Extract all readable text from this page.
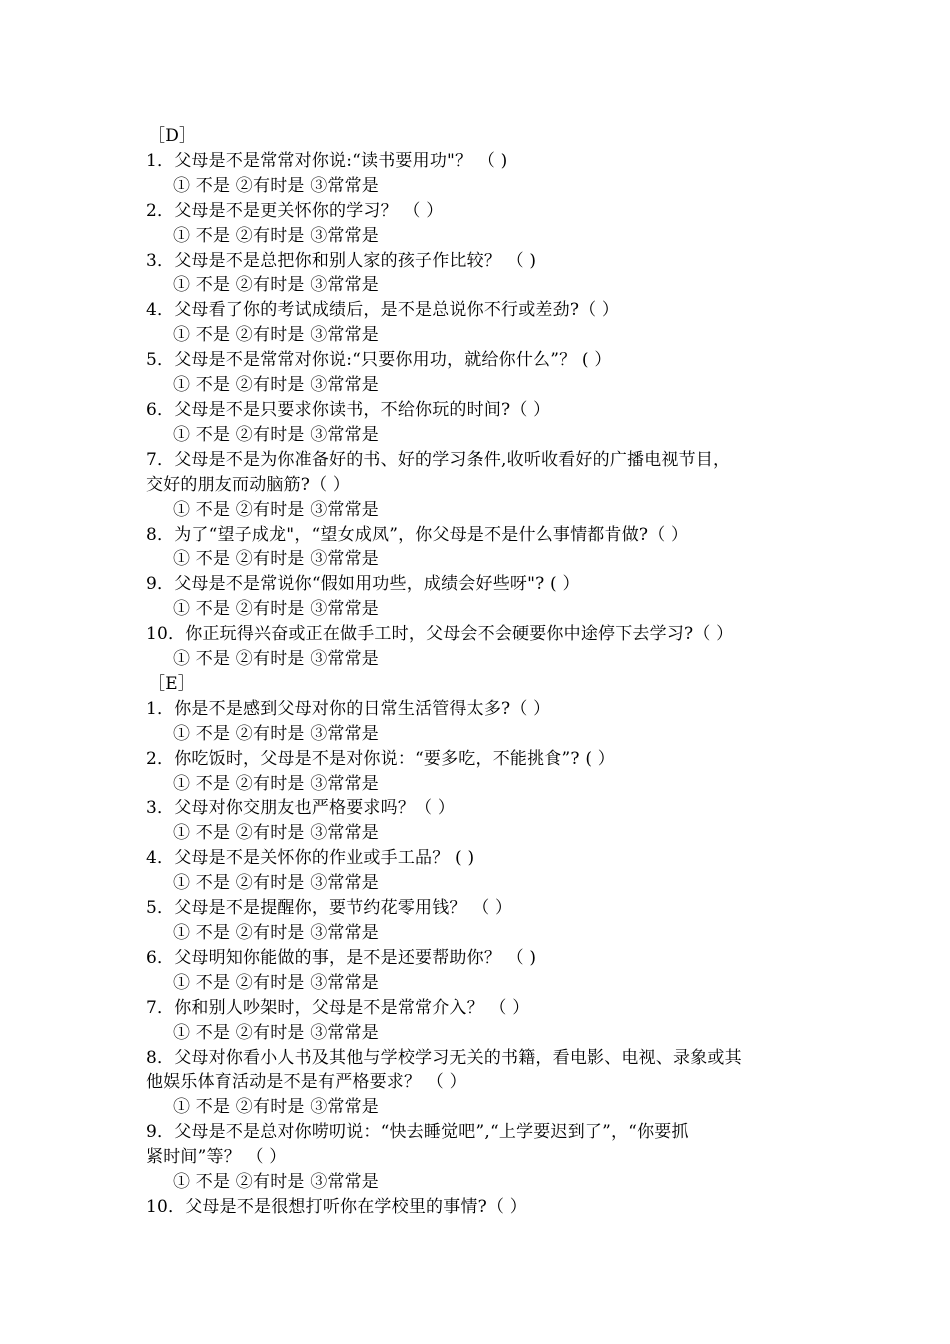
［D］
1．父母是不是常常对你说:“读书要用功"？ （ )
① 不是 ②有时是 ③常常是
2．父母是不是更关怀你的学习？ （ ）
① 不是 ②有时是 ③常常是
3．父母是不是总把你和别人家的孩子作比较？ （ )
① 不是 ②有时是 ③常常是
4．父母看了你的考试成绩后，是不是总说你不行或差劲?（ ）
① 不是 ②有时是 ③常常是
5．父母是不是常常对你说:“只要你用功，就给你什么”？ ( ）
① 不是 ②有时是 ③常常是
6．父母是不是只要求你读书，不给你玩的时间?（ ）
① 不是 ②有时是 ③常常是
7．父母是不是为你准备好的书、好的学习条件,收听收看好的广播电视节目，
交好的朋友而动脑筋?（ ）
① 不是 ②有时是 ③常常是
8．为了“望子成龙"，“望女成凤”，你父母是不是什么事情都肯做?（ ）
① 不是 ②有时是 ③常常是
9．父母是不是常说你“假如用功些，成绩会好些呀"? ( ）
① 不是 ②有时是 ③常常是
10．你正玩得兴奋或正在做手工时，父母会不会硬要你中途停下去学习?（ ）
① 不是 ②有时是 ③常常是
［E］
1．你是不是感到父母对你的日常生活管得太多?（ ）
① 不是 ②有时是 ③常常是
2．你吃饭时，父母是不是对你说：“要多吃，不能挑食”? ( ）
① 不是 ②有时是 ③常常是
3．父母对你交朋友也严格要求吗？（ ）
① 不是 ②有时是 ③常常是
4．父母是不是关怀你的作业或手工品？ ( )
① 不是 ②有时是 ③常常是
5．父母是不是提醒你，要节约花零用钱？ （ ）
① 不是 ②有时是 ③常常是
6．父母明知你能做的事，是不是还要帮助你？ （ )
① 不是 ②有时是 ③常常是
7．你和别人吵架时，父母是不是常常介入？ （ ）
① 不是 ②有时是 ③常常是
8．父母对你看小人书及其他与学校学习无关的书籍，看电影、电视、录象或其
他娱乐体育活动是不是有严格要求？ （ ）
① 不是 ②有时是 ③常常是
9．父母是不是总对你唠叨说：“快去睡觉吧”,“上学要迟到了”，“你要抓
紧时间”等？ （ ）
① 不是 ②有时是 ③常常是
10．父母是不是很想打听你在学校里的事情?（ ）
